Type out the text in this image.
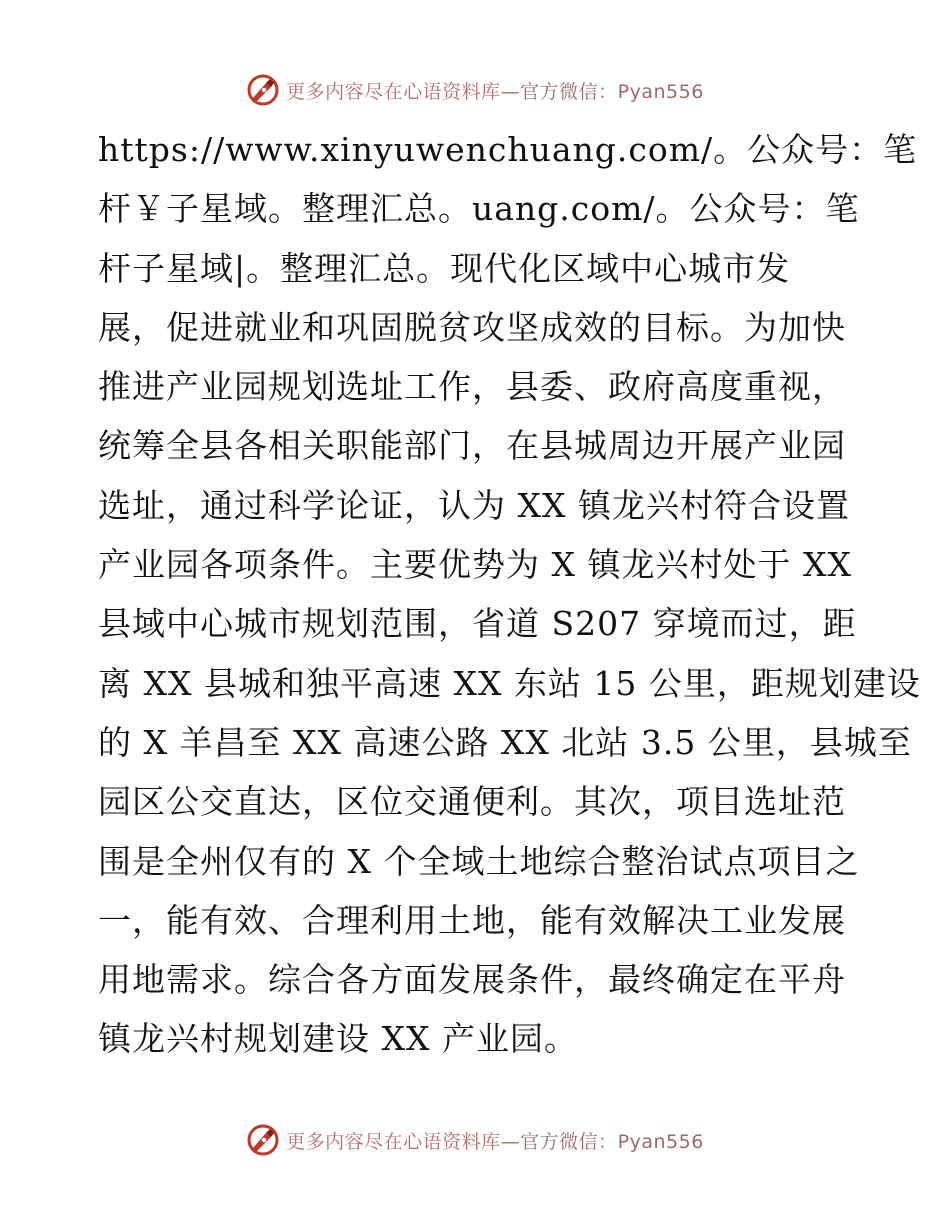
更多内容尽在心语资料库—官方微信：Pyan556
https://www.xinyuwenchuang.com/。公众号：笔
杆￥子星域。整理汇总。uang.com/。公众号：笔
杆子星域|。整理汇总。现代化区域中心城市发
展，促进就业和巩固脱贫攻坚成效的目标。为加快
推进产业园规划选址工作，县委、政府高度重视，
统筹全县各相关职能部门，在县城周边开展产业园
选址，通过科学论证，认为 XX 镇龙兴村符合设置
产业园各项条件。主要优势为 X 镇龙兴村处于 XX
县域中心城市规划范围，省道 S207 穿境而过，距
离 XX 县城和独平高速 XX 东站 15 公里，距规划建设
的 X 羊昌至 XX 高速公路 XX 北站 3.5 公里，县城至
园区公交直达，区位交通便利。其次，项目选址范
围是全州仅有的 X 个全域土地综合整治试点项目之
一，能有效、合理利用土地，能有效解决工业发展
用地需求。综合各方面发展条件，最终确定在平舟
镇龙兴村规划建设 XX 产业园。
更多内容尽在心语资料库—官方微信：Pyan556
